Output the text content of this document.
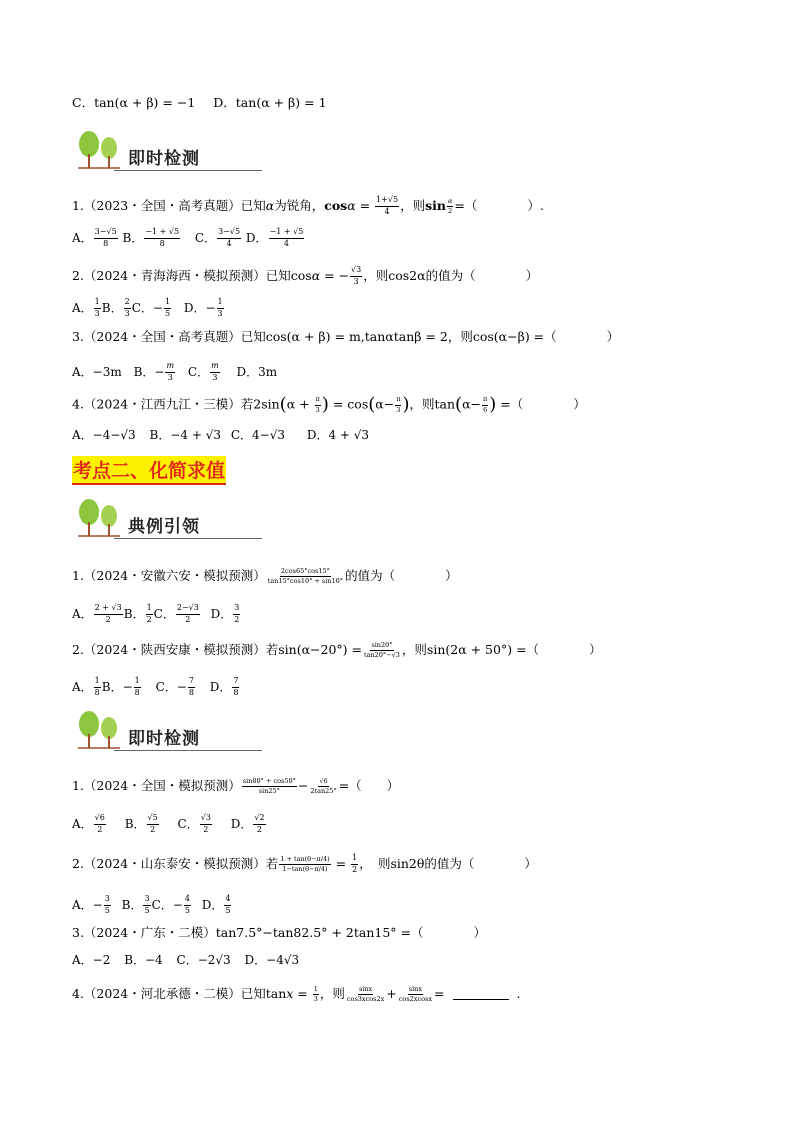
C．tan(α + β) = −1 D．tan(α + β) = 1
即时检测
1.（2023・全国・高考真题）已知α为锐角，$\cos\alpha = \frac{1+√5}{4}$ ，则$\sin \frac{\alpha}{2}$ =（　　　　）.
A． $\frac{3-√5}{8}$ B． $\frac{-1 + √5}{8}$ C． $\frac{3-√5}{4}$ D． $\frac{-1 + √5}{4}$
2.（2024・青海海西・模拟预测）已知cosα = − $\frac{√3}{3}$ ，则cos2α的值为（　　　　）
A． $\frac{1}{3}$ B． $\frac{2}{3}$ C．− $\frac{1}{5}$ D．− $\frac{1}{3}$
3.（2024・全国・高考真题）已知cos(α + β) = m,tanαtanβ = 2，则cos(α−β) =（　　　　）
A．−3m B．− $\frac{m}{3}$ C． $\frac{m}{3}$ D．3m
4.（2024・江西九江・三模）若$2\sin(\alpha + \frac{\pi}{3}$ ) = $\cos(\alpha- \frac{\pi}{3}$ )，则$\tan(\alpha- \frac{\pi}{6}$ ) =（　　　　）
A．−4−√3 B．−4 + √3 C．4−√3 D．4 + √3
考点二、化简求值
典例引领
1.（2024・安徽六安・模拟预测） $\frac{2\cos 65^\circ\cos 15^\circ}{\tan 15^\circ\cos 10^\circ + \sin 10^\circ}$ 的值为（　　　　）
A． $\frac{2 + √3}{2}$ B． $\frac{1}{2}$ C． $\frac{2-√3}{2}$ D． $\frac{3}{2}$
2.（2024・陕西安康・模拟预测）若$\sin(\alpha-20^\circ) = \frac{\sin 20^\circ}{\tan 20^\circ-√3}$ ，则sin(2α + 50°) =（　　　　）
A． $\frac{1}{8}$ B．− $\frac{1}{8}$ C．− $\frac{7}{8}$ D． $\frac{7}{8}$
即时检测
1.（2024・全国・模拟预测） $\frac{\sin 80^\circ + \cos 50^\circ}{\sin 25^\circ} - \frac{√6}{2\tan 25^\circ}$ =（　　）
A． $\frac{√6}{2}$ B． $\frac{√5}{2}$ C． $\frac{√3}{2}$ D． $\frac{√2}{2}$
2.（2024・山东泰安・模拟预测）若 $\frac{1 + \tan(\theta-\pi/4)}{1-\tan(\theta-\pi/4)} = \frac{1}{2}$ ，　则sin2θ的值为（　　　　）
A．− $\frac{3}{5}$ B． $\frac{3}{5}$ C．− $\frac{4}{5}$ D． $\frac{4}{5}$
3.（2024・广东・二模）tan7.5°−tan82.5° + 2tan15° =（　　　　）
A．−2 B．−4 C．−2√3 D．−4√3
4.（2024・河北承德・二模）已知$\tan x = \frac{1}{3}$ ，则 $\frac{\sin x}{\cos 3xcos2x} + \frac{\sin x}{\cos 2xcosx}$ =	.
